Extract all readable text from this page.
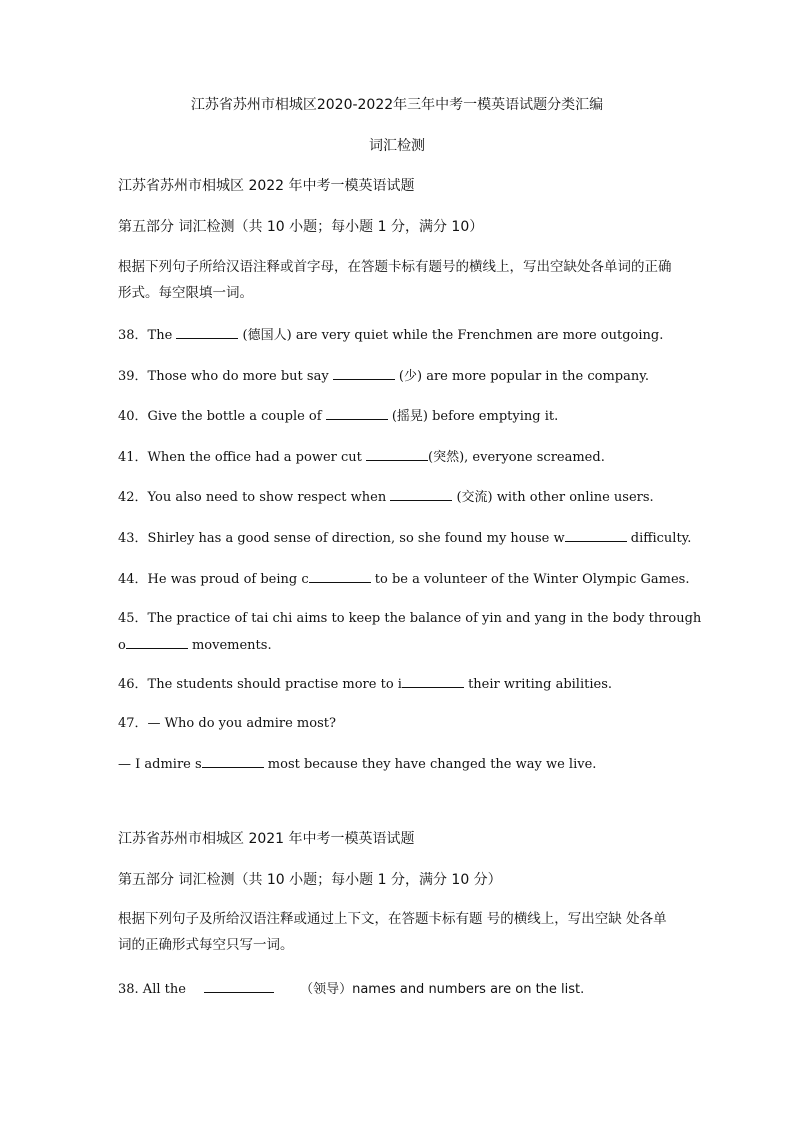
江苏省苏州市相城区2020-2022年三年中考一模英语试题分类汇编
词汇检测
江苏省苏州市相城区 2022 年中考一模英语试题
第五部分 词汇检测（共 10 小题；每小题 1 分，满分 10）
根据下列句子所给汉语注释或首字母，在答题卡标有题号的横线上，写出空缺处各单词的正确形式。每空限填一词。
38．The	(德国人) are very quiet while the Frenchmen are more outgoing.
39．Those who do more but say	(少) are more popular in the company.
40．Give the bottle a couple of	(摇晃) before emptying it.
41．When the office had a power cut	(突然), everyone screamed.
42．You also need to show respect when	(交流) with other online users.
43．Shirley has a good sense of direction, so she found my house w	difficulty.
44．He was proud of being c	to be a volunteer of the Winter Olympic Games.
45．The practice of tai chi aims to keep the balance of yin and yang in the body through
o	movements.
46．The students should practise more to i	their writing abilities.
47．— Who do you admire most?
— I admire s	most because they have changed the way we live.
江苏省苏州市相城区 2021 年中考一模英语试题
第五部分 词汇检测（共 10 小题；每小题 1 分，满分 10 分）
根据下列句子及所给汉语注释或通过上下文，在答题卡标有题 号的横线上，写出空缺 处各单词的正确形式每空只写一词。
38. All the	（领导）names and numbers are on the list.
